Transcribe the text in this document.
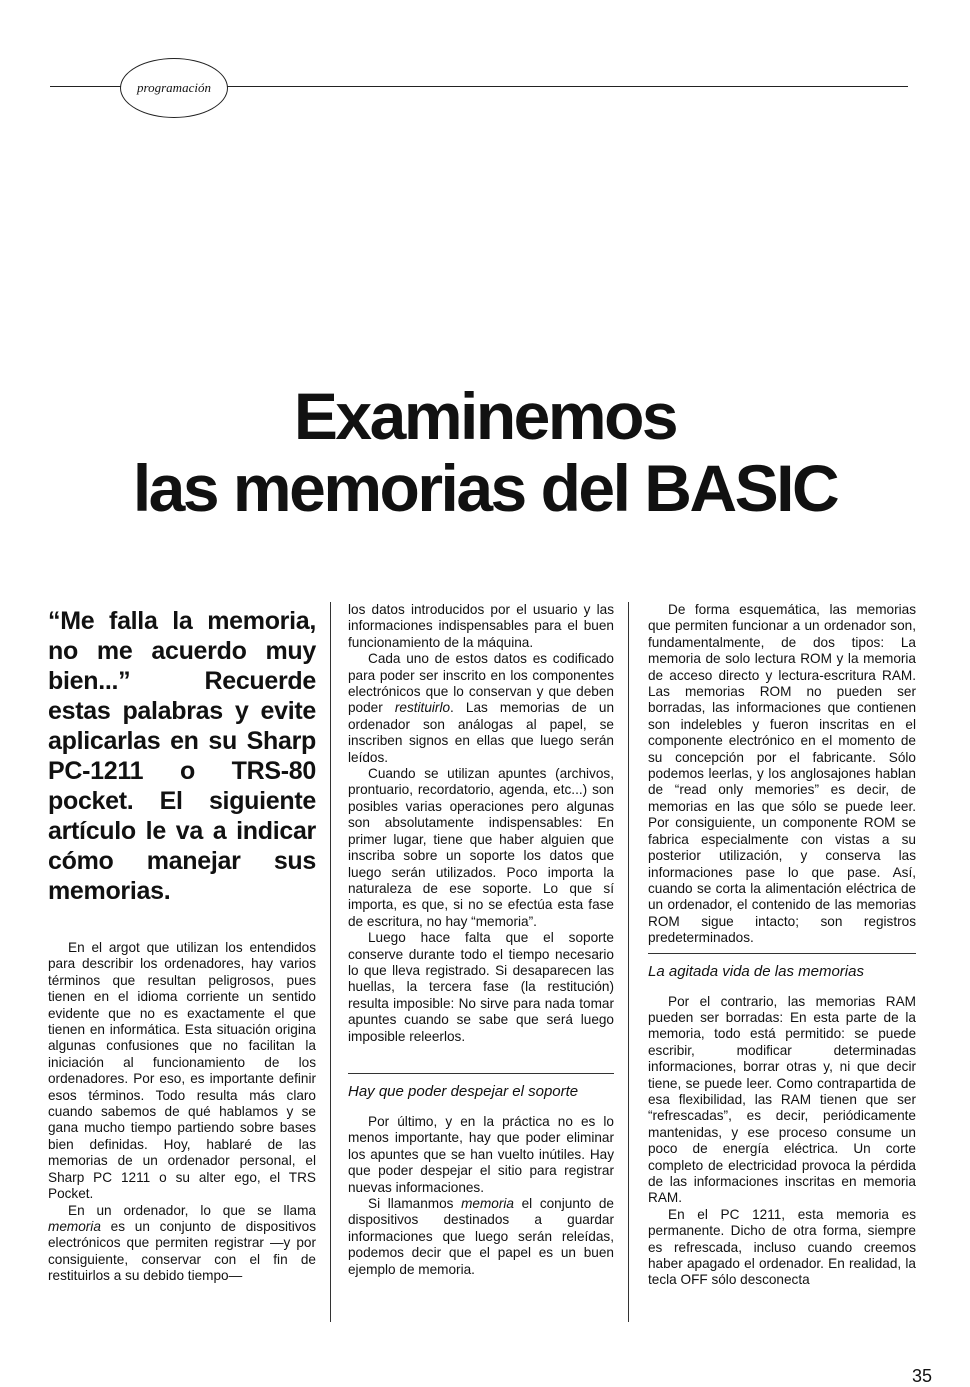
programación
Examinemos
las memorias del BASIC
“Me falla la memoria, no me acuerdo muy bien...” Recuerde estas palabras y evite aplicarlas en su Sharp PC-1211 o TRS-80 pocket. El siguiente artículo le va a indicar cómo manejar sus memorias.

En el argot que utilizan los entendidos para describir los ordenadores, hay varios términos que resultan peligrosos, pues tienen en el idioma corriente un sentido evidente que no es exactamente el que tienen en informática. Esta situación origina algunas confusiones que no facilitan la iniciación al funcionamiento de los ordenadores. Por eso, es importante definir esos términos. Todo resulta más claro cuando sabemos de qué hablamos y se gana mucho tiempo partiendo sobre bases bien definidas. Hoy, hablaré de las memorias de un ordenador personal, el Sharp PC 1211 o su alter ego, el TRS Pocket.

En un ordenador, lo que se llama memoria es un conjunto de dispositivos electrónicos que permiten registrar —y por consiguiente, conservar con el fin de restituirlos a su debido tiempo—

los datos introducidos por el usuario y las informaciones indispensables para el buen funcionamiento de la máquina.

Cada uno de estos datos es codificado para poder ser inscrito en los componentes electrónicos que lo conservan y que deben poder restituirlo. Las memorias de un ordenador son análogas al papel, se inscriben signos en ellas que luego serán leídos.

Cuando se utilizan apuntes (archivos, prontuario, recordatorio, agenda, etc...) son posibles varias operaciones pero algunas son absolutamente indispensables: En primer lugar, tiene que haber alguien que inscriba sobre un soporte los datos que luego serán utilizados. Poco importa la naturaleza de ese soporte. Lo que sí importa, es que, si no se efectúa esta fase de escritura, no hay “memoria”.

Luego hace falta que el soporte conserve durante todo el tiempo necesario lo que lleva registrado. Si desaparecen las huellas, la tercera fase (la restitución) resulta imposible: No sirve para nada tomar apuntes cuando se sabe que será luego imposible releerlos.

Hay que poder despejar el soporte

Por último, y en la práctica no es lo menos importante, hay que poder eliminar los apuntes que se han vuelto inútiles. Hay que poder despejar el sitio para registrar nuevas informaciones.

Si llamanmos memoria el conjunto de dispositivos destinados a guardar informaciones que luego serán releídas, podemos decir que el papel es un buen ejemplo de memoria.

De forma esquemática, las memorias que permiten funcionar a un ordenador son, fundamentalmente, de dos tipos: La memoria de solo lectura ROM y la memoria de acceso directo y lectura-escritura RAM. Las memorias ROM no pueden ser borradas, las informaciones que contienen son indelebles y fueron inscritas en el componente electrónico en el momento de su concepción por el fabricante. Sólo podemos leerlas, y los anglosajones hablan de “read only memories” es decir, de memorias en las que sólo se puede leer. Por consiguiente, un componente ROM se fabrica especialmente con vistas a su posterior utilización, y conserva las informaciones pase lo que pase. Así, cuando se corta la alimentación eléctrica de un ordenador, el contenido de las memorias ROM sigue intacto; son registros predeterminados.

La agitada vida de las memorias

Por el contrario, las memorias RAM pueden ser borradas: En esta parte de la memoria, todo está permitido: se puede escribir, modificar determinadas informaciones, borrar otras y, ni que decir tiene, se puede leer. Como contrapartida de esa flexibilidad, las RAM tienen que ser “refrescadas”, es decir, periódicamente mantenidas, y ese proceso consume un poco de energía eléctrica. Un corte completo de electricidad provoca la pérdida de las informaciones inscritas en memoria RAM.

En el PC 1211, esta memoria es permanente. Dicho de otra forma, siempre es refrescada, incluso cuando creemos haber apagado el ordenador. En realidad, la tecla OFF sólo desconecta

35
